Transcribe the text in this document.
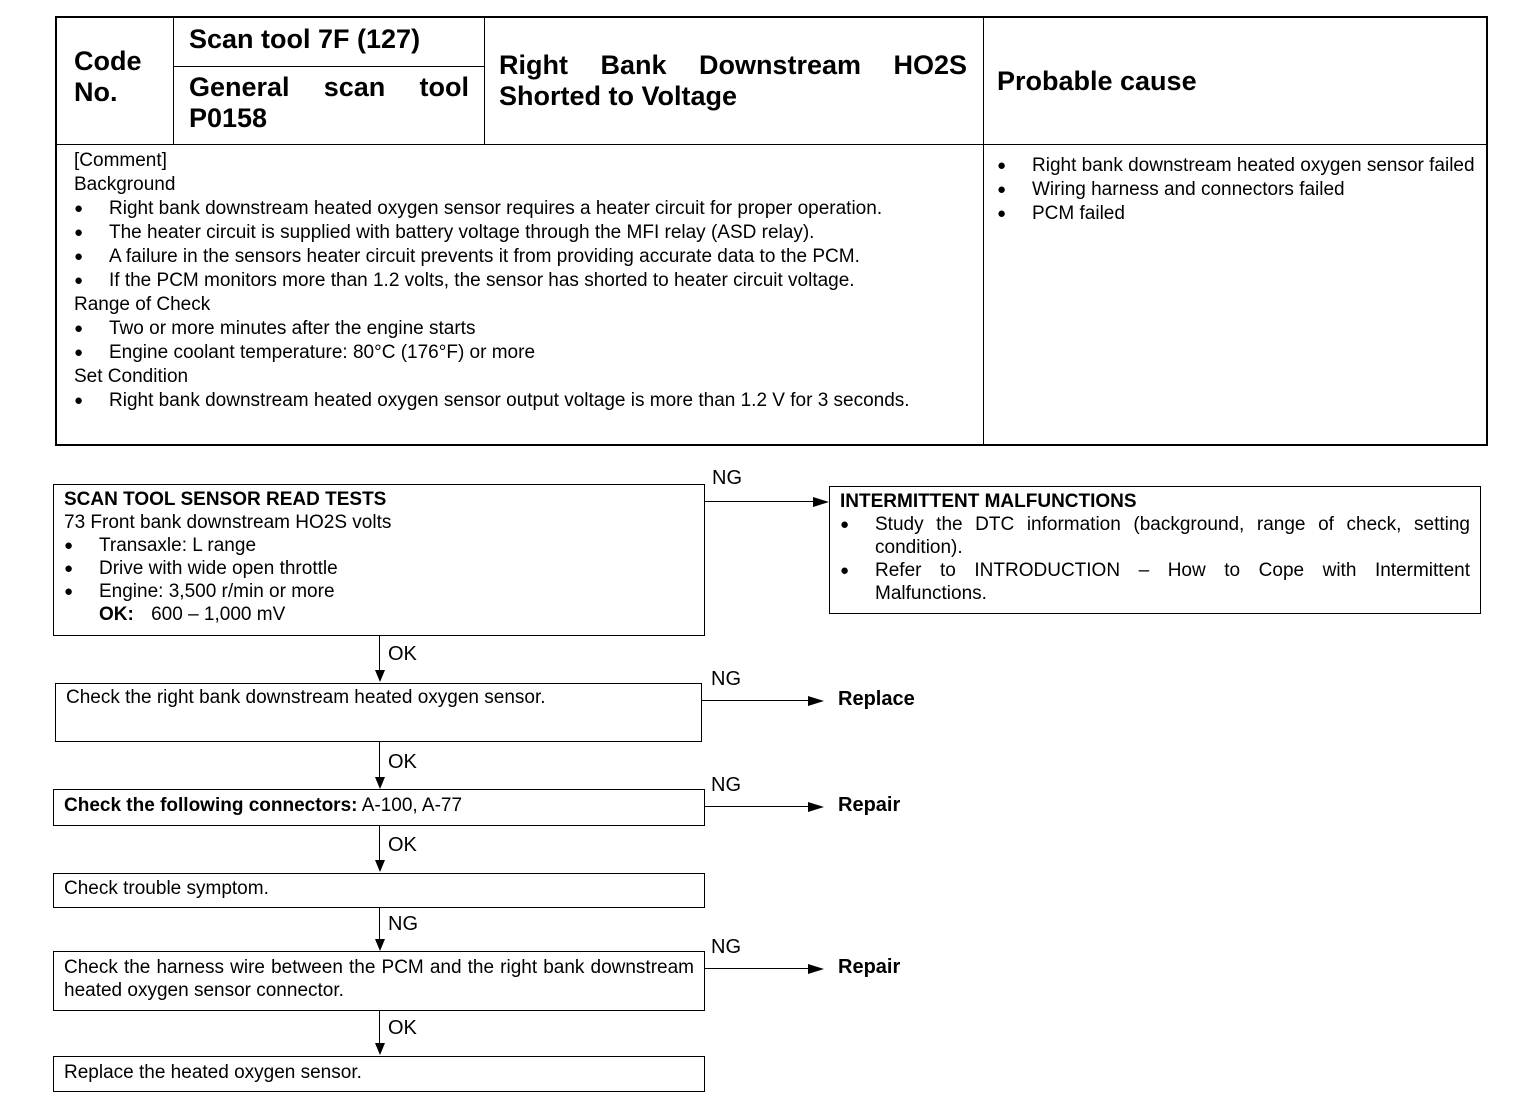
Code No.
Scan tool 7F (127)
General scan tool P0158
Right Bank Downstream HO2S Shorted to Voltage	Probable cause
[Comment]
Background
● Right bank downstream heated oxygen sensor requires a heater circuit for proper operation.
● The heater circuit is supplied with battery voltage through the MFI relay (ASD relay).
● A failure in the sensors heater circuit prevents it from providing accurate data to the PCM.
● If the PCM monitors more than 1.2 volts, the sensor has shorted to heater circuit voltage.
Range of Check
● Two or more minutes after the engine starts
● Engine coolant temperature: 80°C (176°F) or more
Set Condition
● Right bank downstream heated oxygen sensor output voltage is more than 1.2 V for 3 seconds.
● Right bank downstream heated oxygen sensor failed
● Wiring harness and connectors failed
● PCM failed
SCAN TOOL SENSOR READ TESTS
73 Front bank downstream HO2S volts
● Transaxle: L range
● Drive with wide open throttle
● Engine: 3,500 r/min or more
OK: 600 – 1,000 mV
NG
INTERMITTENT MALFUNCTIONS
● Study the DTC information (background, range of check, setting condition).
● Refer to INTRODUCTION – How to Cope with Intermittent Malfunctions.
OK
Check the right bank downstream heated oxygen sensor.
NG
Replace
OK
Check the following connectors: A-100, A-77
NG
Repair
OK
Check trouble symptom.
NG
Check the harness wire between the PCM and the right bank downstream heated oxygen sensor connector.
NG
Repair
OK
Replace the heated oxygen sensor.
